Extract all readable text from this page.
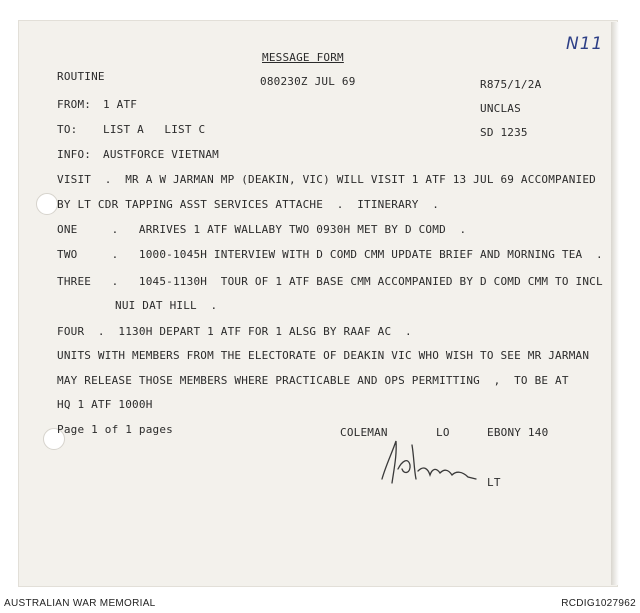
N11
MESSAGE FORM
ROUTINE	080230Z JUL 69	R875/1/2A
FROM: 1 ATF	UNCLAS
TO: LIST A   LIST C	SD 1235
INFO: AUSTFORCE VIETNAM
VISIT  .  MR A W JARMAN MP (DEAKIN, VIC) WILL VISIT 1 ATF 13 JUL 69 ACCOMPANIED
BY LT CDR TAPPING ASST SERVICES ATTACHE  .  ITINERARY  .
ONE     .   ARRIVES 1 ATF WALLABY TWO 0930H MET BY D COMD  .
TWO     .   1000-1045H INTERVIEW WITH D COMD CMM UPDATE BRIEF AND MORNING TEA  .
THREE   .   1045-1130H  TOUR OF 1 ATF BASE CMM ACCOMPANIED BY D COMD CMM TO INCL
NUI DAT HILL  .
FOUR  .  1130H DEPART 1 ATF FOR 1 ALSG BY RAAF AC  .
UNITS WITH MEMBERS FROM THE ELECTORATE OF DEAKIN VIC WHO WISH TO SEE MR JARMAN
MAY RELEASE THOSE MEMBERS WHERE PRACTICABLE AND OPS PERMITTING  ,  TO BE AT
HQ 1 ATF 1000H
Page 1 of 1 pages	COLEMAN	LO	EBONY 140
LT
AUSTRALIAN WAR MEMORIAL	RCDIG1027962
